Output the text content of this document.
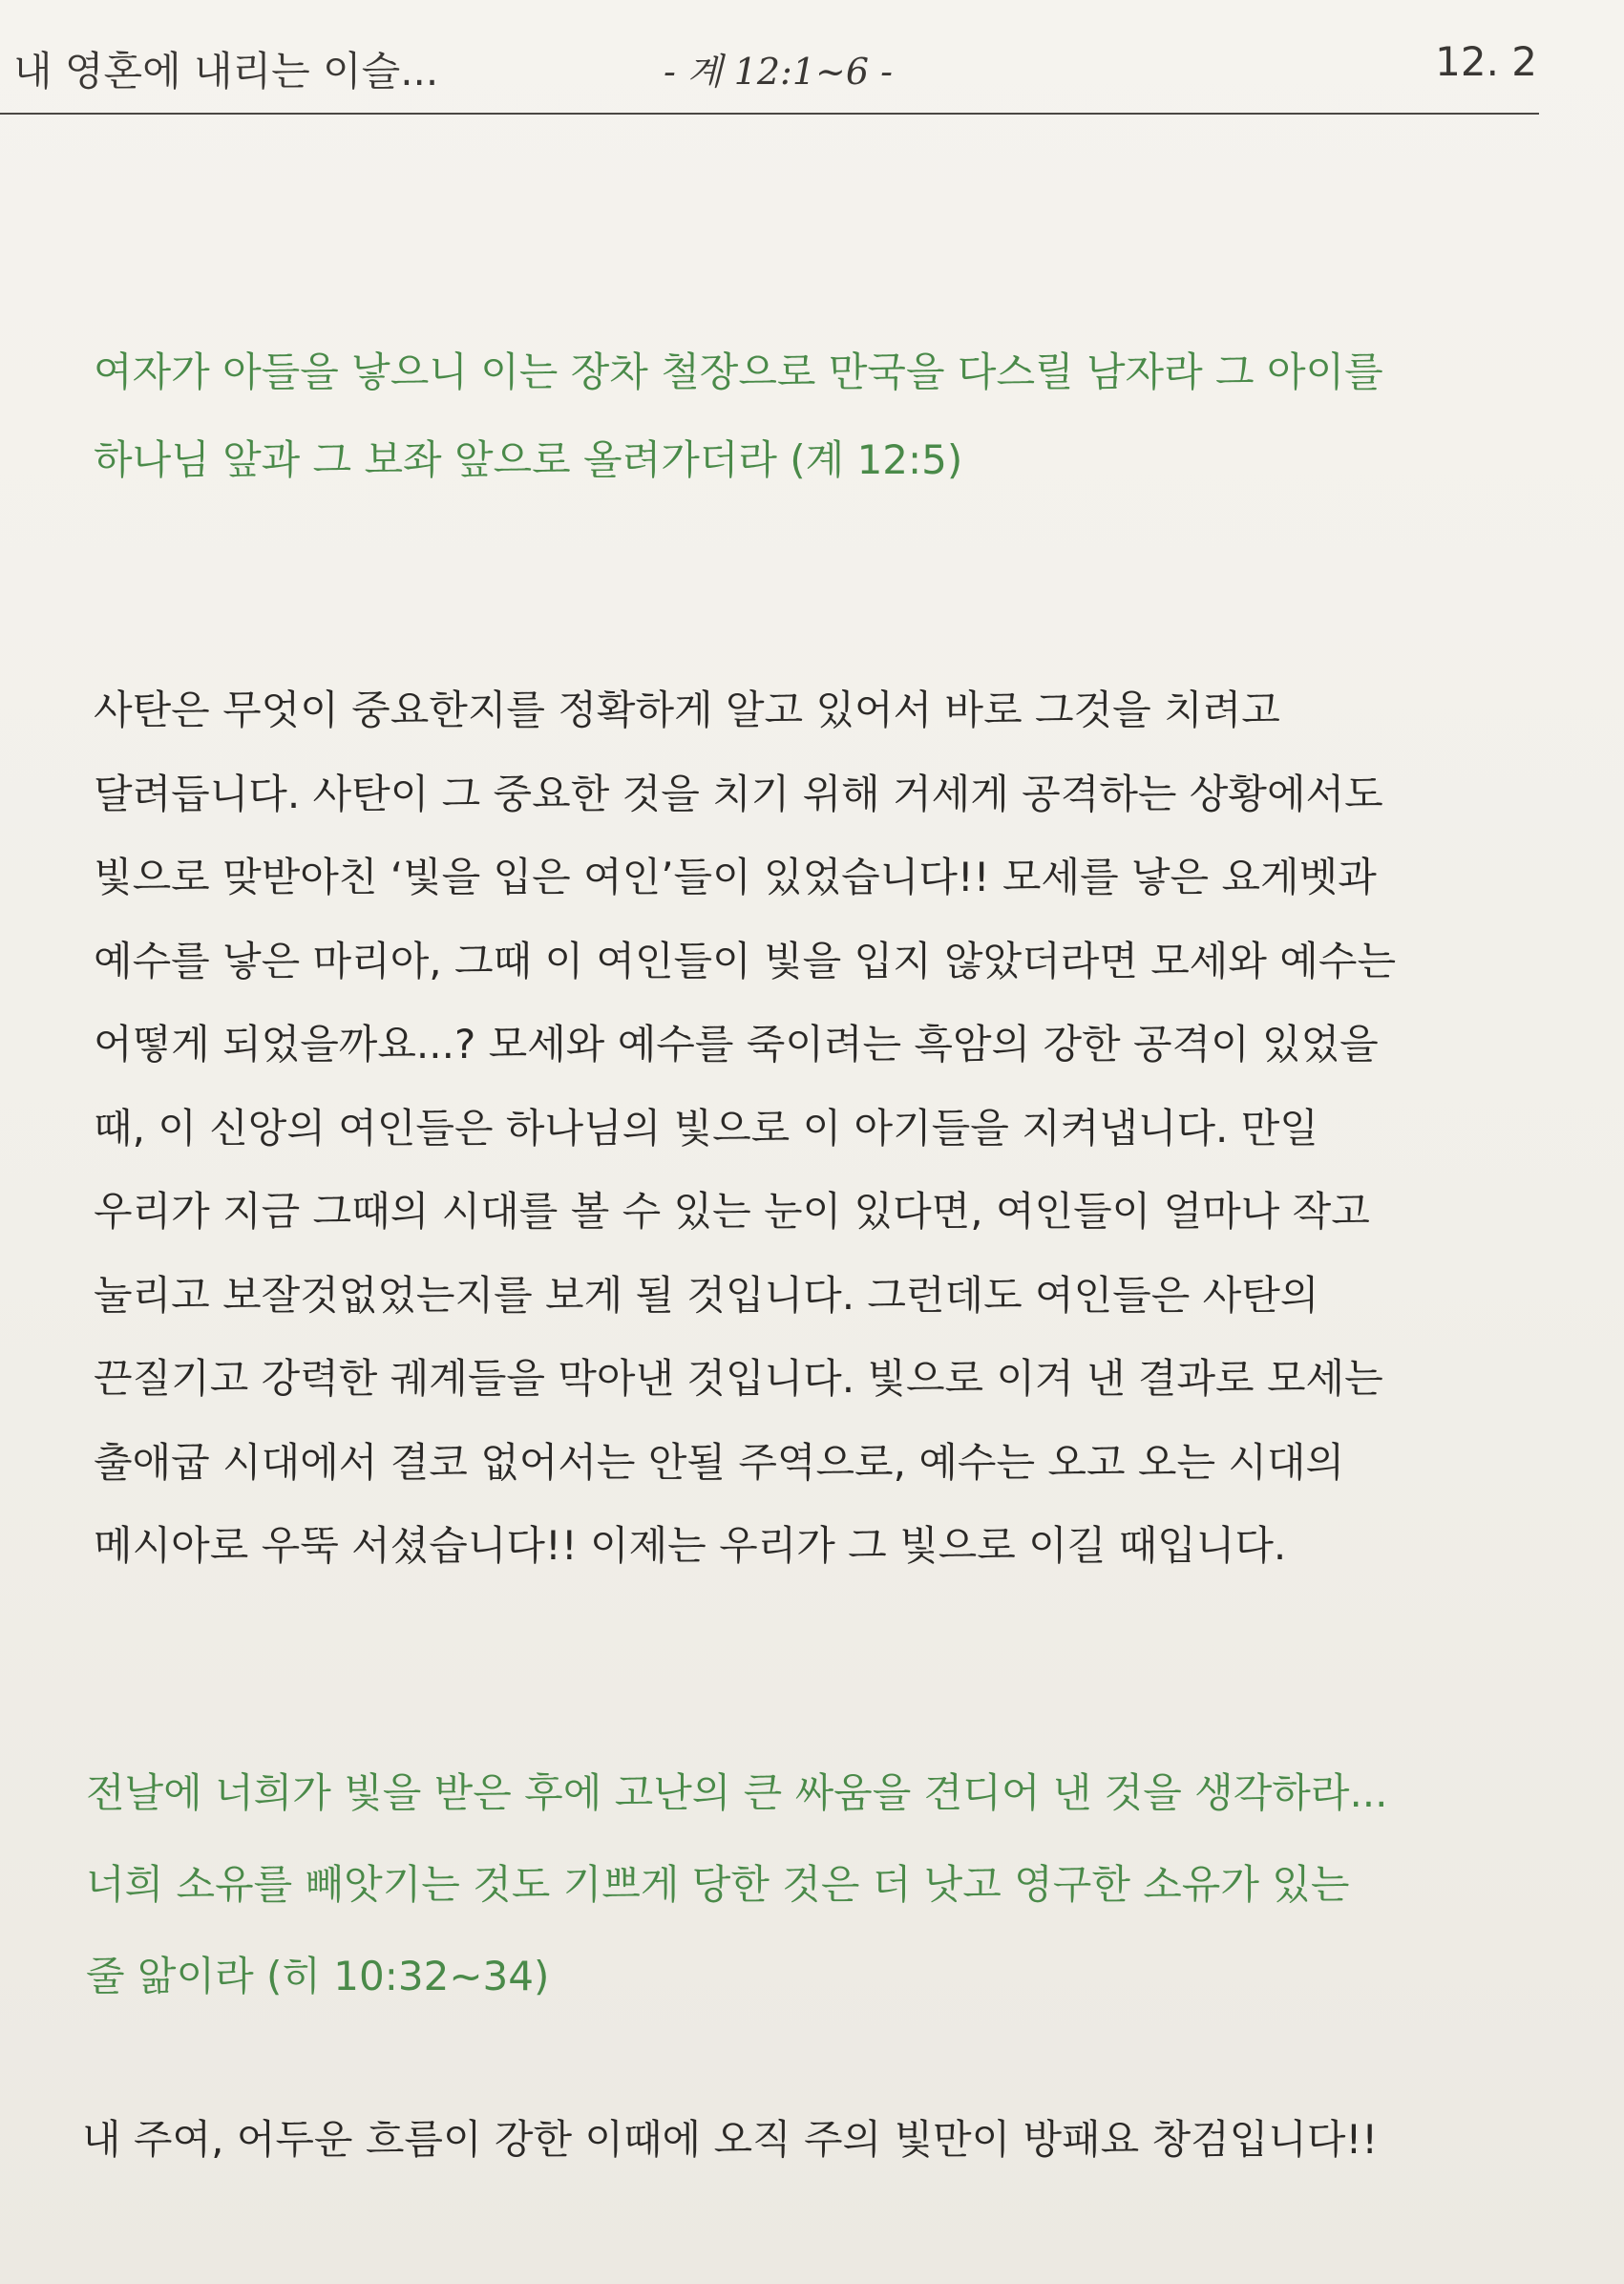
내 영혼에 내리는 이슬...	- 계 12:1~6 -	12. 2
여자가 아들을 낳으니 이는 장차 철장으로 만국을 다스릴 남자라 그 아이를
하나님 앞과 그 보좌 앞으로 올려가더라 (계 12:5)
사탄은 무엇이 중요한지를 정확하게 알고 있어서 바로 그것을 치려고
달려듭니다. 사탄이 그 중요한 것을 치기 위해 거세게 공격하는 상황에서도
빛으로 맞받아친 ‘빛을 입은 여인’들이 있었습니다!! 모세를 낳은 요게벳과
예수를 낳은 마리아, 그때 이 여인들이 빛을 입지 않았더라면 모세와 예수는
어떻게 되었을까요...? 모세와 예수를 죽이려는 흑암의 강한 공격이 있었을
때, 이 신앙의 여인들은 하나님의 빛으로 이 아기들을 지켜냅니다. 만일
우리가 지금 그때의 시대를 볼 수 있는 눈이 있다면, 여인들이 얼마나 작고
눌리고 보잘것없었는지를 보게 될 것입니다. 그런데도 여인들은 사탄의
끈질기고 강력한 궤계들을 막아낸 것입니다. 빛으로 이겨 낸 결과로 모세는
출애굽 시대에서 결코 없어서는 안될 주역으로, 예수는 오고 오는 시대의
메시아로 우뚝 서셨습니다!! 이제는 우리가 그 빛으로 이길 때입니다.
전날에 너희가 빛을 받은 후에 고난의 큰 싸움을 견디어 낸 것을 생각하라...
너희 소유를 빼앗기는 것도 기쁘게 당한 것은 더 낫고 영구한 소유가 있는
줄 앎이라 (히 10:32~34)
내 주여, 어두운 흐름이 강한 이때에 오직 주의 빛만이 방패요 창검입니다!!
